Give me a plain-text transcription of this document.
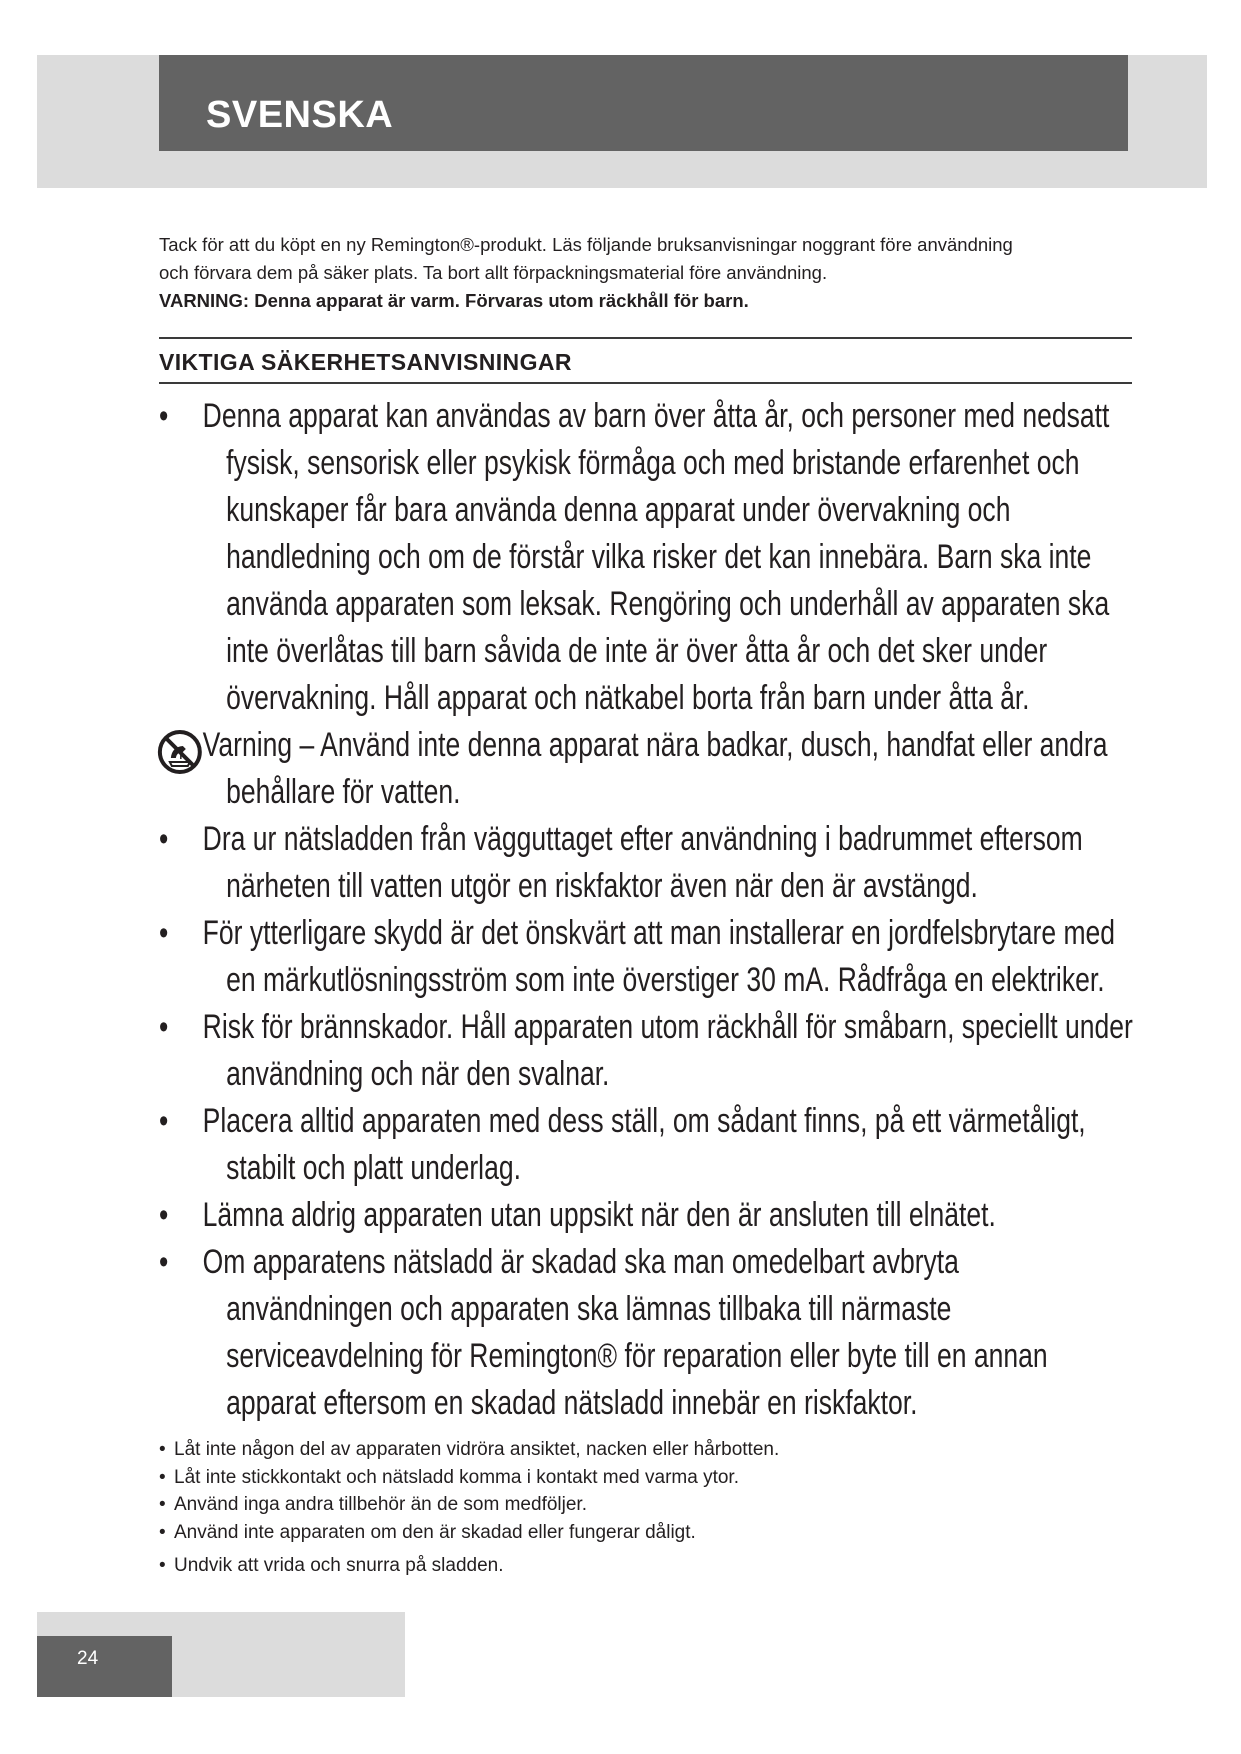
SVENSKA

Tack för att du köpt en ny Remington®-produkt. Läs följande bruksanvisningar noggrant före användning

och förvara dem på säker plats. Ta bort allt förpackningsmaterial före användning.

VARNING: Denna apparat är varm. Förvaras utom räckhåll för barn.

VIKTIGA SÄKERHETSANVISNINGAR
• Denna apparat kan användas av barn över åtta år, och personer med nedsatt
fysisk, sensorisk eller psykisk förmåga och med bristande erfarenhet och
kunskaper får bara använda denna apparat under övervakning och
handledning och om de förstår vilka risker det kan innebära. Barn ska inte
använda apparaten som leksak. Rengöring och underhåll av apparaten ska
inte överlåtas till barn såvida de inte är över åtta år och det sker under
övervakning. Håll apparat och nätkabel borta från barn under åtta år.
Varning – Använd inte denna apparat nära badkar, dusch, handfat eller andra
behållare för vatten.
• Dra ur nätsladden från vägguttaget efter användning i badrummet eftersom
närheten till vatten utgör en riskfaktor även när den är avstängd.
• För ytterligare skydd är det önskvärt att man installerar en jordfelsbrytare med
en märkutlösningsström som inte överstiger 30 mA. Rådfråga en elektriker.
• Risk för brännskador. Håll apparaten utom räckhåll för småbarn, speciellt under
användning och när den svalnar.
• Placera alltid apparaten med dess ställ, om sådant finns, på ett värmetåligt,
stabilt och platt underlag.
• Lämna aldrig apparaten utan uppsikt när den är ansluten till elnätet.
• Om apparatens nätsladd är skadad ska man omedelbart avbryta
användningen och apparaten ska lämnas tillbaka till närmaste
serviceavdelning för Remington® för reparation eller byte till en annan
apparat eftersom en skadad nätsladd innebär en riskfaktor.
• Låt inte någon del av apparaten vidröra ansiktet, nacken eller hårbotten.
• Låt inte stickkontakt och nätsladd komma i kontakt med varma ytor.
• Använd inga andra tillbehör än de som medföljer.
• Använd inte apparaten om den är skadad eller fungerar dåligt.
• Undvik att vrida och snurra på sladden.
24
